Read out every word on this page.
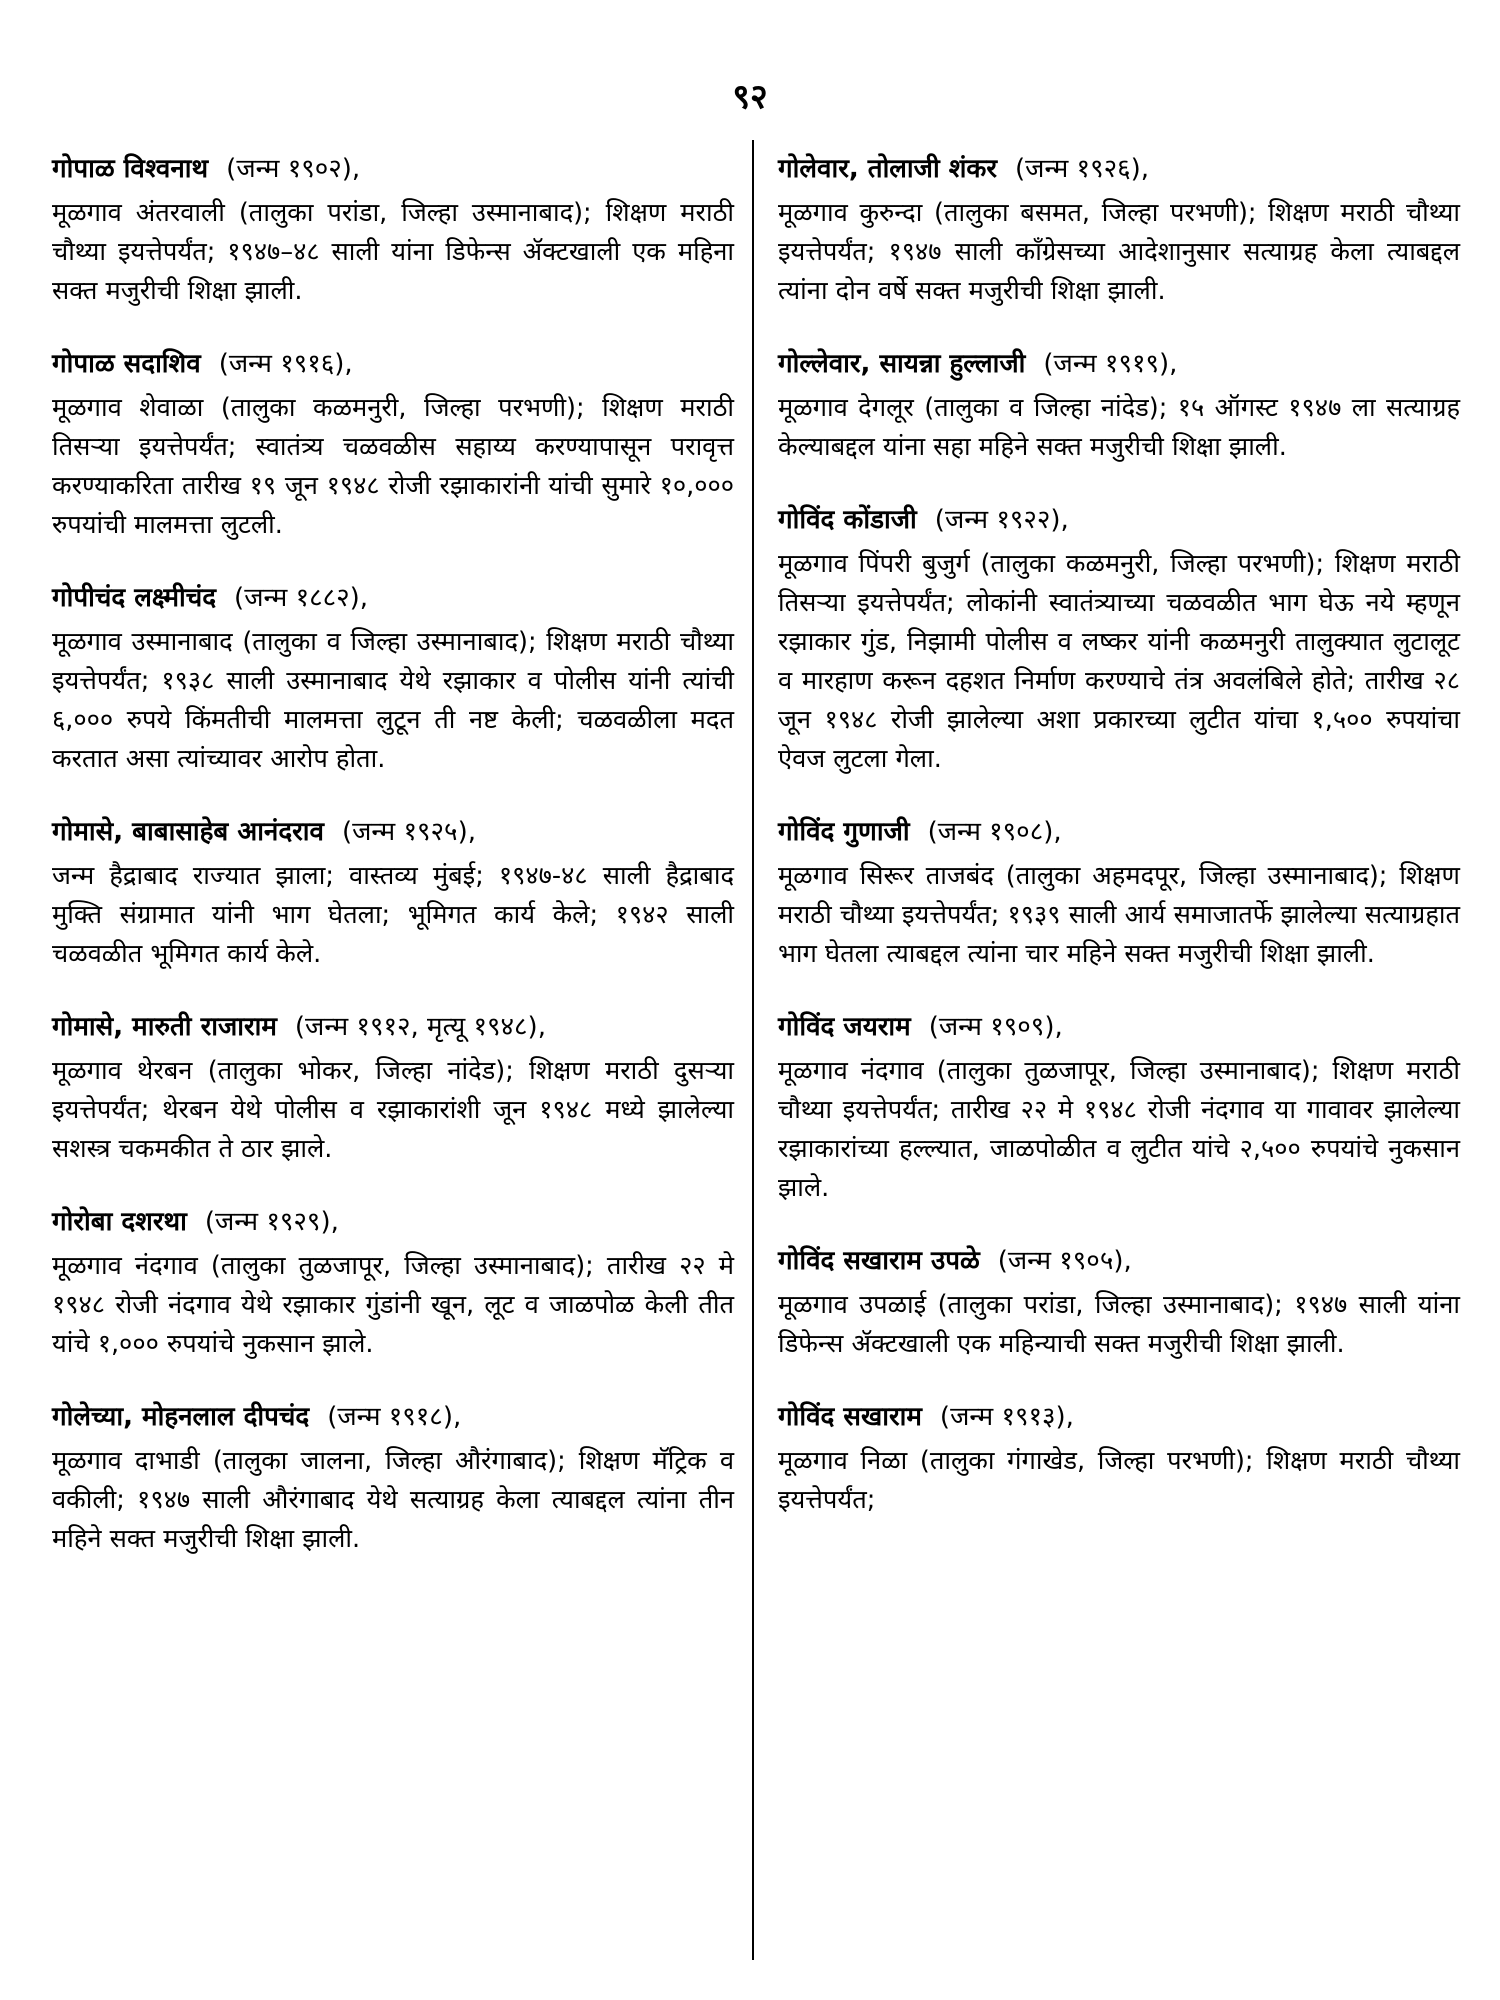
९२
गोपाळ विश्वनाथ (जन्म १९०२),
मूळगाव अंतरवाली (तालुका परांडा, जिल्हा उस्मानाबाद); शिक्षण मराठी चौथ्या इयत्तेपर्यंत; १९४७–४८ साली यांना डिफेन्स ॲक्टखाली एक महिना सक्त मजुरीची शिक्षा झाली.
गोपाळ सदाशिव (जन्म १९१६),
मूळगाव शेवाळा (तालुका कळमनुरी, जिल्हा परभणी); शिक्षण मराठी तिसऱ्या इयत्तेपर्यंत; स्वातंत्र्य चळवळीस सहाय्य करण्यापासून परावृत्त करण्याकरिता तारीख १९ जून १९४८ रोजी रझाकारांनी यांची सुमारे १०,००० रुपयांची मालमत्ता लुटली.
गोपीचंद लक्ष्मीचंद (जन्म १८८२),
मूळगाव उस्मानाबाद (तालुका व जिल्हा उस्मानाबाद); शिक्षण मराठी चौथ्या इयत्तेपर्यंत; १९३८ साली उस्मानाबाद येथे रझाकार व पोलीस यांनी त्यांची ६,००० रुपये किंमतीची मालमत्ता लुटून ती नष्ट केली; चळवळीला मदत करतात असा त्यांच्यावर आरोप होता.
गोमासे, बाबासाहेब आनंदराव (जन्म १९२५),
जन्म हैद्राबाद राज्यात झाला; वास्तव्य मुंबई; १९४७-४८ साली हैद्राबाद मुक्ति संग्रामात यांनी भाग घेतला; भूमिगत कार्य केले; १९४२ साली चळवळीत भूमिगत कार्य केले.
गोमासे, मारुती राजाराम (जन्म १९१२, मृत्यू १९४८),
मूळगाव थेरबन (तालुका भोकर, जिल्हा नांदेड); शिक्षण मराठी दुसऱ्या इयत्तेपर्यंत; थेरबन येथे पोलीस व रझाकारांशी जून १९४८ मध्ये झालेल्या सशस्त्र चकमकीत ते ठार झाले.
गोरोबा दशरथा (जन्म १९२९),
मूळगाव नंदगाव (तालुका तुळजापूर, जिल्हा उस्मानाबाद); तारीख २२ मे १९४८ रोजी नंदगाव येथे रझाकार गुंडांनी खून, लूट व जाळपोळ केली तीत यांचे १,००० रुपयांचे नुकसान झाले.
गोलेच्या, मोहनलाल दीपचंद (जन्म १९१८),
मूळगाव दाभाडी (तालुका जालना, जिल्हा औरंगाबाद); शिक्षण मॅट्रिक व वकीली; १९४७ साली औरंगाबाद येथे सत्याग्रह केला त्याबद्दल त्यांना तीन महिने सक्त मजुरीची शिक्षा झाली.
गोलेवार, तोलाजी शंकर (जन्म १९२६),
मूळगाव कुरुन्दा (तालुका बसमत, जिल्हा परभणी); शिक्षण मराठी चौथ्या इयत्तेपर्यंत; १९४७ साली कॉंग्रेसच्या आदेशानुसार सत्याग्रह केला त्याबद्दल त्यांना दोन वर्षे सक्त मजुरीची शिक्षा झाली.
गोल्लेवार, सायन्ना हुल्लाजी (जन्म १९१९),
मूळगाव देगलूर (तालुका व जिल्हा नांदेड); १५ ऑगस्ट १९४७ ला सत्याग्रह केल्याबद्दल यांना सहा महिने सक्त मजुरीची शिक्षा झाली.
गोविंद कोंडाजी (जन्म १९२२),
मूळगाव पिंपरी बुजुर्ग (तालुका कळमनुरी, जिल्हा परभणी); शिक्षण मराठी तिसऱ्या इयत्तेपर्यंत; लोकांनी स्वातंत्र्याच्या चळवळीत भाग घेऊ नये म्हणून रझाकार गुंड, निझामी पोलीस व लष्कर यांनी कळमनुरी तालुक्यात लुटालूट व मारहाण करून दहशत निर्माण करण्याचे तंत्र अवलंबिले होते; तारीख २८ जून १९४८ रोजी झालेल्या अशा प्रकारच्या लुटीत यांचा १,५०० रुपयांचा ऐवज लुटला गेला.
गोविंद गुणाजी (जन्म १९०८),
मूळगाव सिरूर ताजबंद (तालुका अहमदपूर, जिल्हा उस्मानाबाद); शिक्षण मराठी चौथ्या इयत्तेपर्यंत; १९३९ साली आर्य समाजातर्फे झालेल्या सत्याग्रहात भाग घेतला त्याबद्दल त्यांना चार महिने सक्त मजुरीची शिक्षा झाली.
गोविंद जयराम (जन्म १९०९),
मूळगाव नंदगाव (तालुका तुळजापूर, जिल्हा उस्मानाबाद); शिक्षण मराठी चौथ्या इयत्तेपर्यंत; तारीख २२ मे १९४८ रोजी नंदगाव या गावावर झालेल्या रझाकारांच्या हल्ल्यात, जाळपोळीत व लुटीत यांचे २,५०० रुपयांचे नुकसान झाले.
गोविंद सखाराम उपळे (जन्म १९०५),
मूळगाव उपळाई (तालुका परांडा, जिल्हा उस्मानाबाद); १९४७ साली यांना डिफेन्स ॲक्टखाली एक महिन्याची सक्त मजुरीची शिक्षा झाली.
गोविंद सखाराम (जन्म १९१३),
मूळगाव निळा (तालुका गंगाखेड, जिल्हा परभणी); शिक्षण मराठी चौथ्या इयत्तेपर्यंत;
